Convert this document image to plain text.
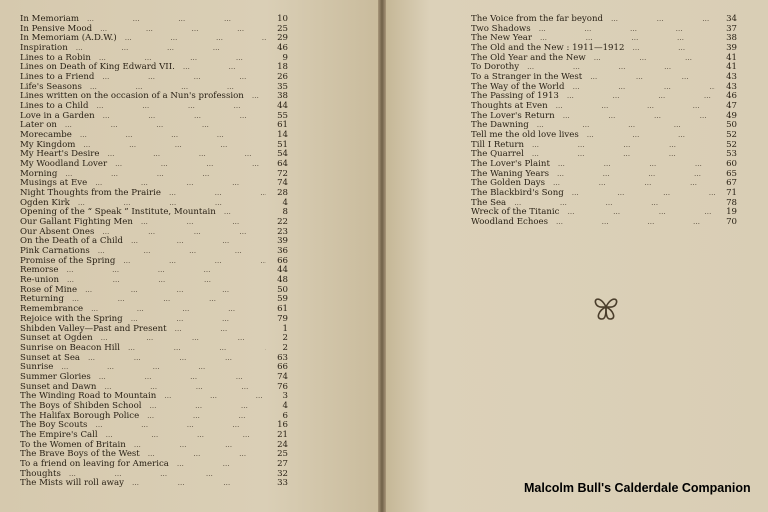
In Memoriam … … … …	10
In Pensive Mood … … … …	25
In Memoriam (A.D.W.) … … … …	29
Inspiration … … … …	46
Lines to a Robin … … … …	9
Lines on Death of King Edward VII. … … … …	18
Lines to a Friend … … … …	26
Life's Seasons … … … …	35
Lines written on the occasion of a Nun's profession … … … …	38
Lines to a Child … … … …	44
Love in a Garden … … … …	55
Later on … … … …	61
Morecambe … … … …	14
My Kingdom … … … …	51
My Heart's Desire … … … …	54
My Woodland Lover … … … …	64
Morning … … … …	72
Musings at Eve … … … …	74
Night Thoughts from the Prairie … … … …	28
Ogden Kirk … … … …	4
Opening of the “ Speak ” Institute, Mountain … … … …	8
Our Gallant Fighting Men … … … …	22
Our Absent Ones … … … …	23
On the Death of a Child … … … …	39
Pink Carnations … … … …	36
Promise of the Spring … … … …	66
Remorse … … … …	44
Re-union … … … …	48
Rose of Mine … … … …	50
Returning … … … …	59
Remembrance … … … …	61
Rejoice with the Spring … … … …	79
Shibden Valley—Past and Present … … … …	1
Sunset at Ogden … … … …	2
Sunrise on Beacon Hill … … … …	2
Sunset at Sea … … … …	63
Sunrise … … … …	66
Summer Glories … … … …	74
Sunset and Dawn … … … …	76
The Winding Road to Mountain … … … …	3
The Boys of Shibden School … … … …	4
The Halifax Borough Police … … … …	6
The Boy Scouts … … … …	16
The Empire's Call … … … …	21
To the Women of Britain … … … …	24
The Brave Boys of the West … … … …	25
To a friend on leaving for America … … … …	27
Thoughts … … … …	32
The Mists will roll away … … … …	33
The Voice from the far beyond … … … …	34
Two Shadows … … … …	37
The New Year … … … …	38
The Old and the New : 1911—1912 … … … …	39
The Old Year and the New … … … …	41
To Dorothy … … … …	41
To a Stranger in the West … … … …	43
The Way of the World … … … …	43
The Passing of 1913 … … … …	46
Thoughts at Even … … … …	47
The Lover's Return … … … …	49
The Dawning … … … …	50
Tell me the old love lives … … … …	52
Till I Return … … … …	52
The Quarrel … … … …	53
The Lover's Plaint … … … …	60
The Waning Years … … … …	65
The Golden Days … … … …	67
The Blackbird's Song … … … …	71
The Sea … … … …	78
Wreck of the Titanic … … … …	19
Woodland Echoes … … … …	70
Malcolm Bull's Calderdale Companion
